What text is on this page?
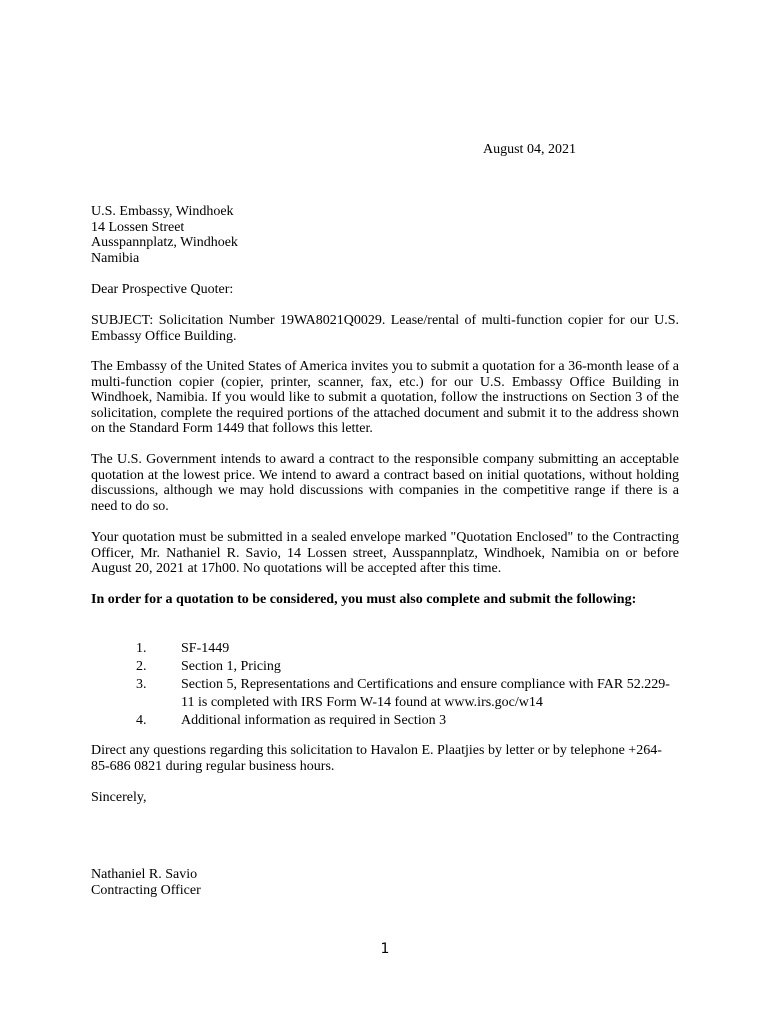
August 04, 2021
U.S. Embassy, Windhoek
14 Lossen Street
Ausspannplatz, Windhoek
Namibia
Dear Prospective Quoter:
SUBJECT: Solicitation Number 19WA8021Q0029. Lease/rental of multi-function copier for our U.S. Embassy Office Building.
The Embassy of the United States of America invites you to submit a quotation for a 36-month lease of a multi-function copier (copier, printer, scanner, fax, etc.) for our U.S. Embassy Office Building in Windhoek, Namibia. If you would like to submit a quotation, follow the instructions on Section 3 of the solicitation, complete the required portions of the attached document and submit it to the address shown on the Standard Form 1449 that follows this letter.
The U.S. Government intends to award a contract to the responsible company submitting an acceptable quotation at the lowest price. We intend to award a contract based on initial quotations, without holding discussions, although we may hold discussions with companies in the competitive range if there is a need to do so.
Your quotation must be submitted in a sealed envelope marked "Quotation Enclosed" to the Contracting Officer, Mr. Nathaniel R. Savio, 14 Lossen street, Ausspannplatz, Windhoek, Namibia on or before August 20, 2021 at 17h00. No quotations will be accepted after this time.
In order for a quotation to be considered, you must also complete and submit the following:
1. SF-1449
2. Section 1, Pricing
3. Section 5, Representations and Certifications and ensure compliance with FAR 52.229-11 is completed with IRS Form W-14 found at www.irs.goc/w14
4. Additional information as required in Section 3
Direct any questions regarding this solicitation to Havalon E. Plaatjies by letter or by telephone +264-85-686 0821 during regular business hours.
Sincerely,
Nathaniel R. Savio
Contracting Officer
1
